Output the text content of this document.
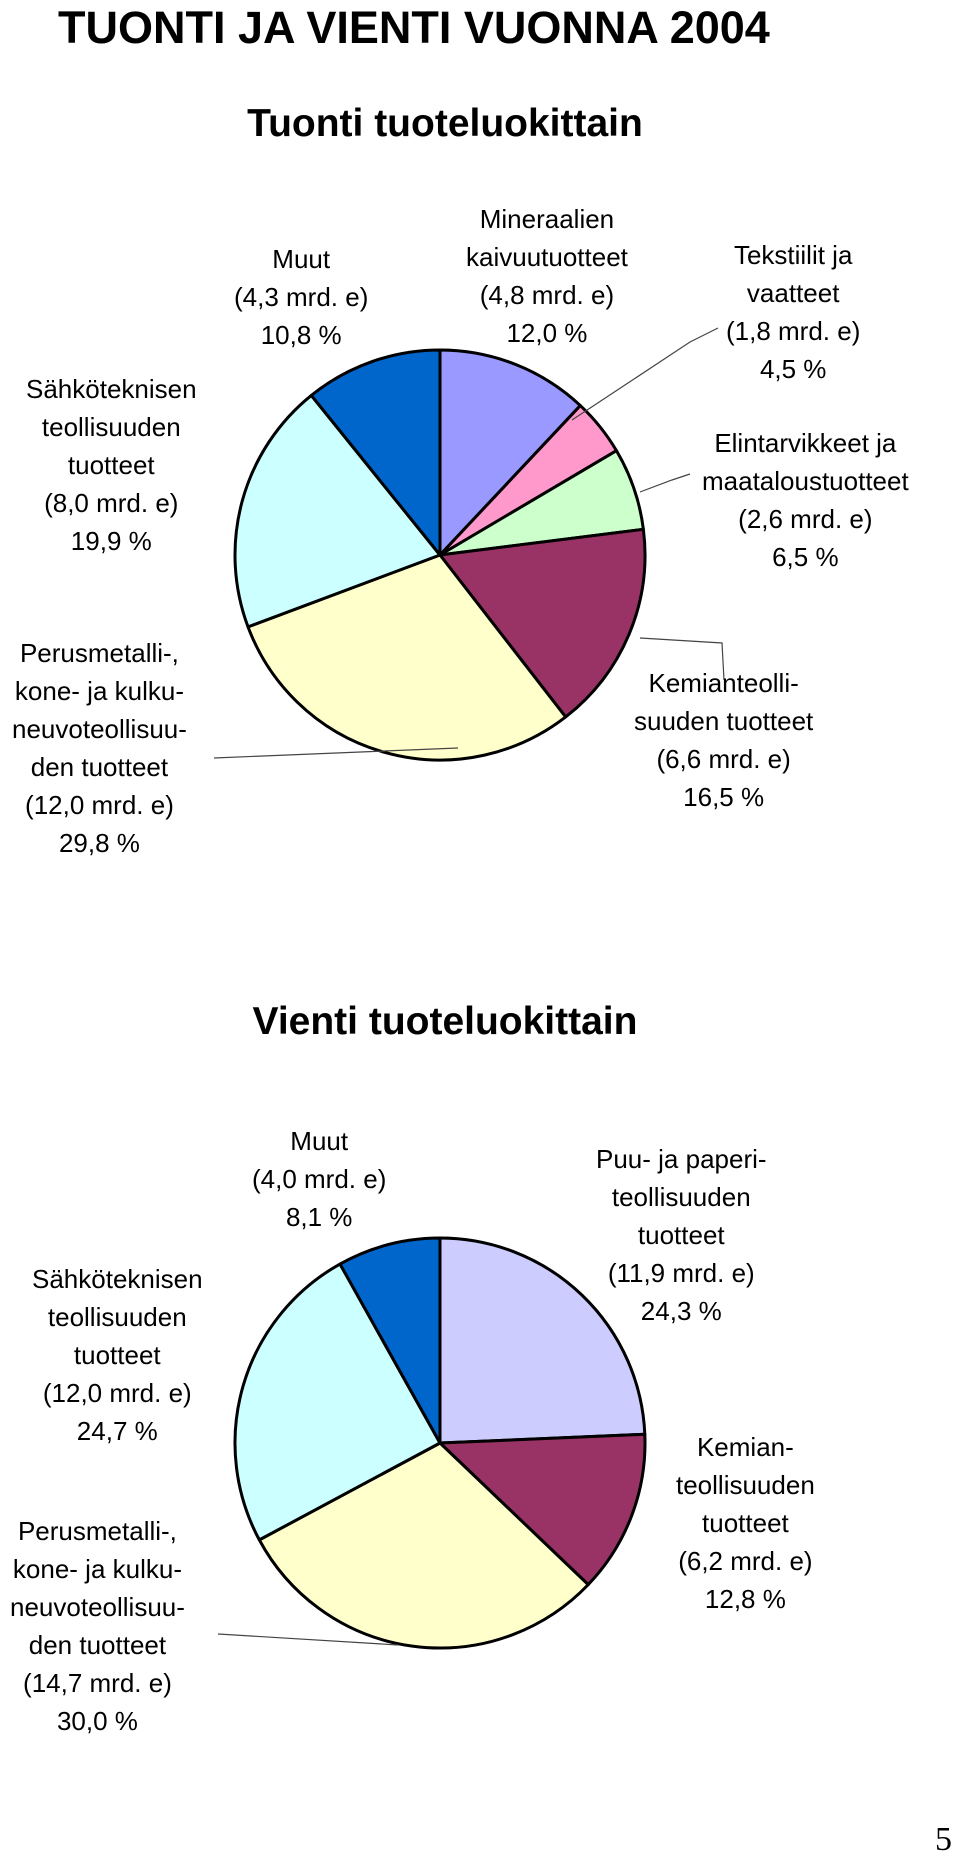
TUONTI JA VIENTI VUONNA 2004
Tuonti tuoteluokittain
Vienti tuoteluokittain
Mineraalien
kaivuutuotteet
(4,8 mrd. e)
12,0 %
Tekstiilit ja
vaatteet
(1,8 mrd. e)
4,5 %
Elintarvikkeet ja
maataloustuotteet
(2,6 mrd. e)
6,5 %
Kemianteolli-
suuden tuotteet
(6,6 mrd. e)
16,5 %
Perusmetalli-,
kone- ja kulku-
neuvoteollisuu-
den tuotteet
(12,0 mrd. e)
29,8 %
Sähköteknisen
teollisuuden
tuotteet
(8,0 mrd. e)
19,9 %
Muut
(4,3 mrd. e)
10,8 %
Puu- ja paperi-
teollisuuden
tuotteet
(11,9 mrd. e)
24,3 %
Kemian-
teollisuuden
tuotteet
(6,2 mrd. e)
12,8 %
Perusmetalli-,
kone- ja kulku-
neuvoteollisuu-
den tuotteet
(14,7 mrd. e)
30,0 %
Sähköteknisen
teollisuuden
tuotteet
(12,0 mrd. e)
24,7 %
Muut
(4,0 mrd. e)
8,1 %
5
